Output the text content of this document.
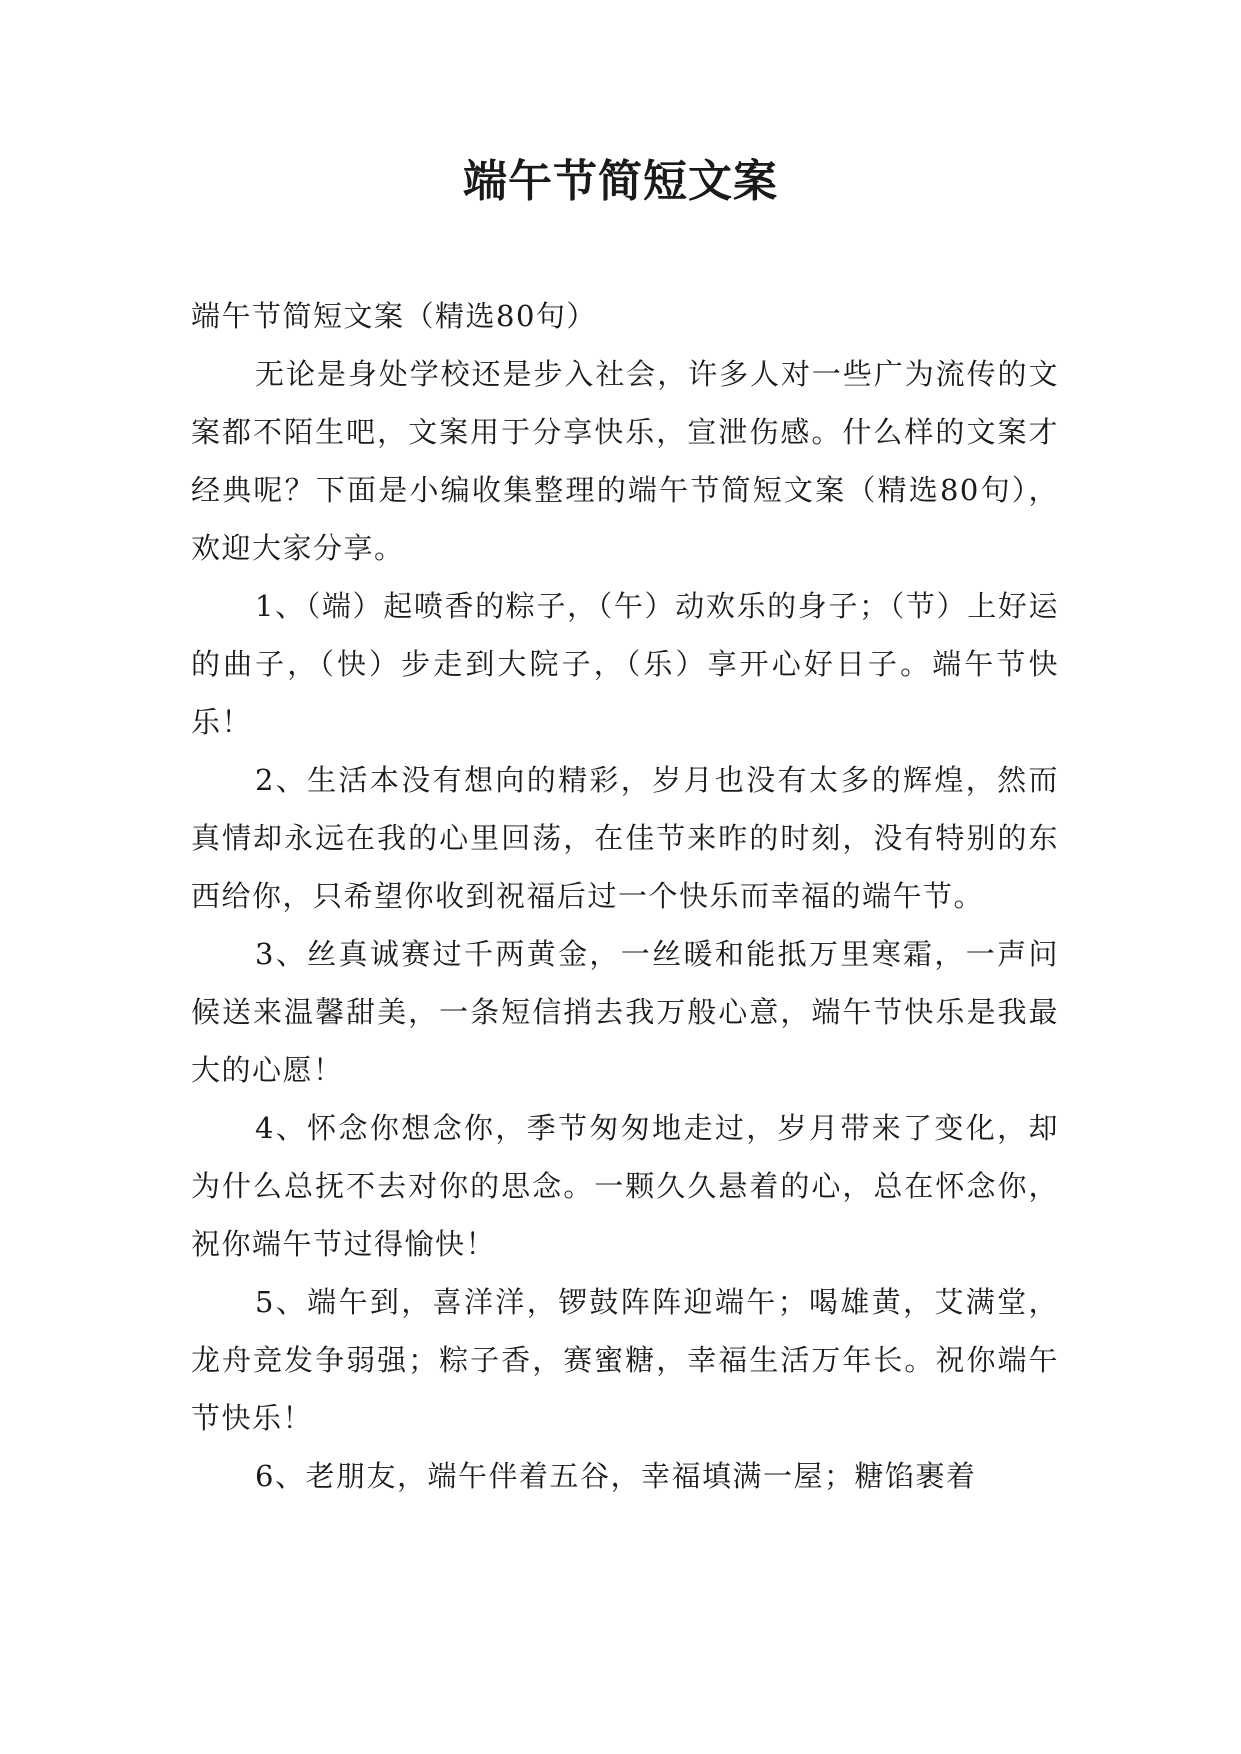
端午节简短文案

端午节简短文案（精选80句）

无论是身处学校还是步入社会，许多人对一些广为流传的文案都不陌生吧，文案用于分享快乐，宣泄伤感。什么样的文案才经典呢？下面是小编收集整理的端午节简短文案（精选80句），欢迎大家分享。

1、（端）起喷香的粽子，（午）动欢乐的身子；（节）上好运的曲子，（快）步走到大院子，（乐）享开心好日子。端午节快乐！

2、生活本没有想向的精彩，岁月也没有太多的辉煌，然而真情却永远在我的心里回荡，在佳节来昨的时刻，没有特别的东西给你，只希望你收到祝福后过一个快乐而幸福的端午节。

3、丝真诚赛过千两黄金，一丝暖和能抵万里寒霜，一声问候送来温馨甜美，一条短信捎去我万般心意，端午节快乐是我最大的心愿！

4、怀念你想念你，季节匆匆地走过，岁月带来了变化，却为什么总抚不去对你的思念。一颗久久悬着的心，总在怀念你，祝你端午节过得愉快！

5、端午到，喜洋洋，锣鼓阵阵迎端午；喝雄黄，艾满堂，龙舟竞发争弱强；粽子香，赛蜜糖，幸福生活万年长。祝你端午节快乐！

6、老朋友，端午伴着五谷，幸福填满一屋；糖馅裹着
